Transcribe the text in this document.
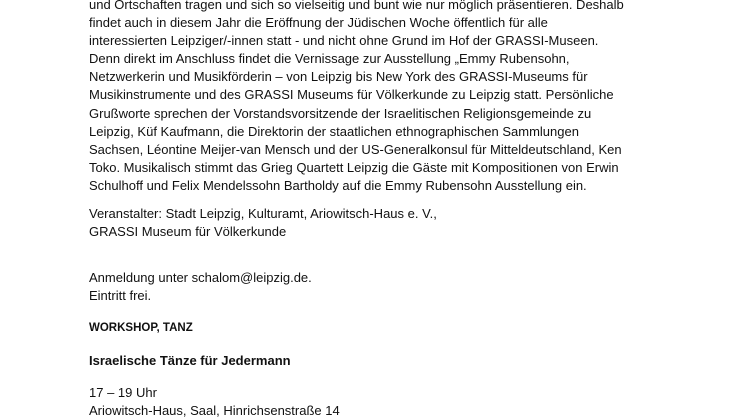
und Ortschaften tragen und sich so vielseitig und bunt wie nur möglich präsentieren. Deshalb
findet auch in diesem Jahr die Eröffnung der Jüdischen Woche öffentlich für alle
interessierten Leipziger/-innen statt - und nicht ohne Grund im Hof der GRASSI-Museen.
Denn direkt im Anschluss findet die Vernissage zur Ausstellung „Emmy Rubensohn,
Netzwerkerin und Musikförderin – von Leipzig bis New York des GRASSI-Museums für
Musikinstrumente und des GRASSI Museums für Völkerkunde zu Leipzig statt. Persönliche
Grußworte sprechen der Vorstandsvorsitzende der Israelitischen Religionsgemeinde zu
Leipzig, Küf Kaufmann, die Direktorin der staatlichen ethnographischen Sammlungen
Sachsen, Léontine Meijer-van Mensch und der US-Generalkonsul für Mitteldeutschland, Ken
Toko. Musikalisch stimmt das Grieg Quartett Leipzig die Gäste mit Kompositionen von Erwin
Schulhoff und Felix Mendelssohn Bartholdy auf die Emmy Rubensohn Ausstellung ein.
Veranstalter: Stadt Leipzig, Kulturamt, Ariowitsch-Haus e. V.,
GRASSI Museum für Völkerkunde
Anmeldung unter schalom@leipzig.de.
Eintritt frei.
WORKSHOP, TANZ
Israelische Tänze für Jedermann
17 – 19 Uhr
Ariowitsch-Haus, Saal, Hinrichsenstraße 14
